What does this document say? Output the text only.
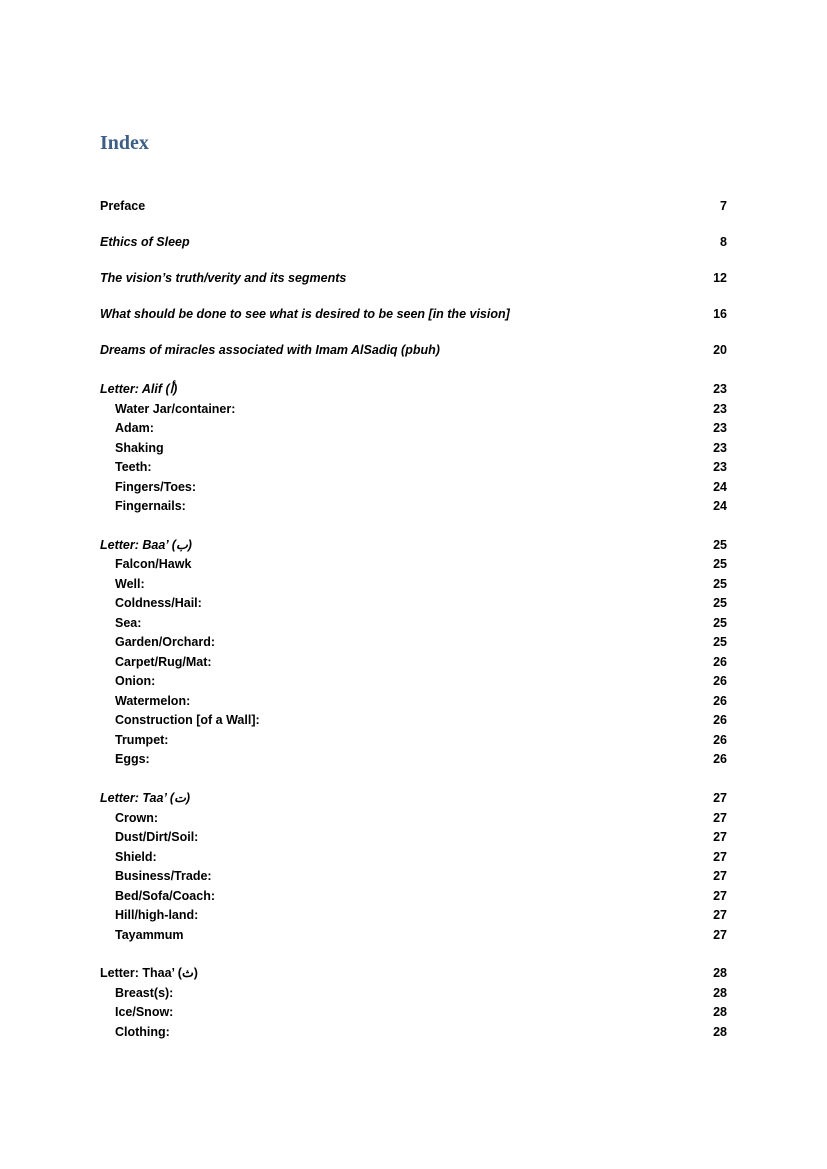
Index
Preface	7
Ethics of Sleep	8
The vision’s truth/verity and its segments	12
What should be done to see what is desired to be seen [in the vision]	16
Dreams of miracles associated with Imam AlSadiq (pbuh)	20
Letter: Alif (أ)	23
Water Jar/container:	23
Adam:	23
Shaking	23
Teeth:	23
Fingers/Toes:	24
Fingernails:	24
Letter: Baa’ (ب)	25
Falcon/Hawk	25
Well:	25
Coldness/Hail:	25
Sea:	25
Garden/Orchard:	25
Carpet/Rug/Mat:	26
Onion:	26
Watermelon:	26
Construction [of a Wall]:	26
Trumpet:	26
Eggs:	26
Letter: Taa’ (ت)	27
Crown:	27
Dust/Dirt/Soil:	27
Shield:	27
Business/Trade:	27
Bed/Sofa/Coach:	27
Hill/high-land:	27
Tayammum	27
Letter: Thaa’ (ث)	28
Breast(s):	28
Ice/Snow:	28
Clothing:	28
